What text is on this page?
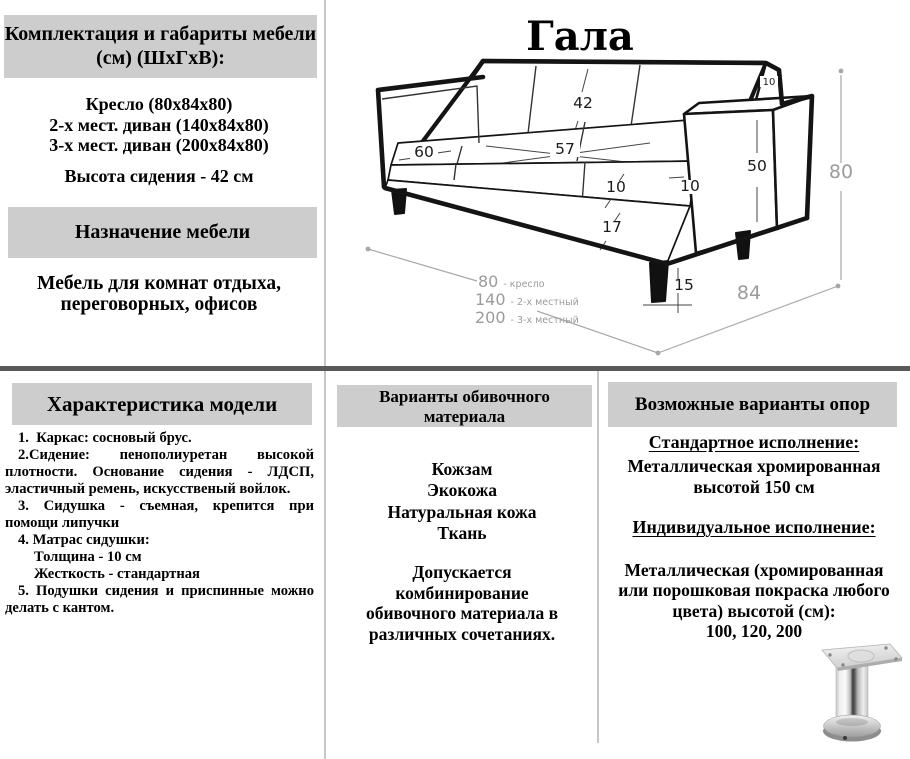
Комплектация и габариты мебели (см) (ШхГхВ):
Кресло (80х84х80)
2-х мест. диван (140х84х80)
3-х мест. диван (200х84х80)
Высота сидения - 42 см
Назначение мебели
Мебель для комнат отдыха, переговорных, офисов
Гала
60	57
42
10
17
10
50
10
15
80
84
80 - кресло
140 - 2-х местный
200 - 3-х местный
Характеристика модели
1.  Каркас: сосновый брус.
2.Сидение: пенополиуретан высокой
плотности. Основание сидения - ЛДСП,
эластичный ремень, искусственый войлок.
3. Сидушка - съемная, крепится при
помощи липучки
4. Матрас сидушки:
Толщина - 10 см
Жесткость - стандартная
5. Подушки сидения и приспинные можно
делать с кантом.
Варианты обивочного материала
Кожзам
Экокожа
Натуральная кожа
Ткань
Допускается
комбинирование
обивочного материала в
различных сочетаниях.
Возможные варианты опор
Стандартное исполнение:
Металлическая хромированная
высотой 150 см
Индивидуальное исполнение:
Металлическая (хромированная
или порошковая покраска любого
цвета) высотой (см):
100, 120, 200
